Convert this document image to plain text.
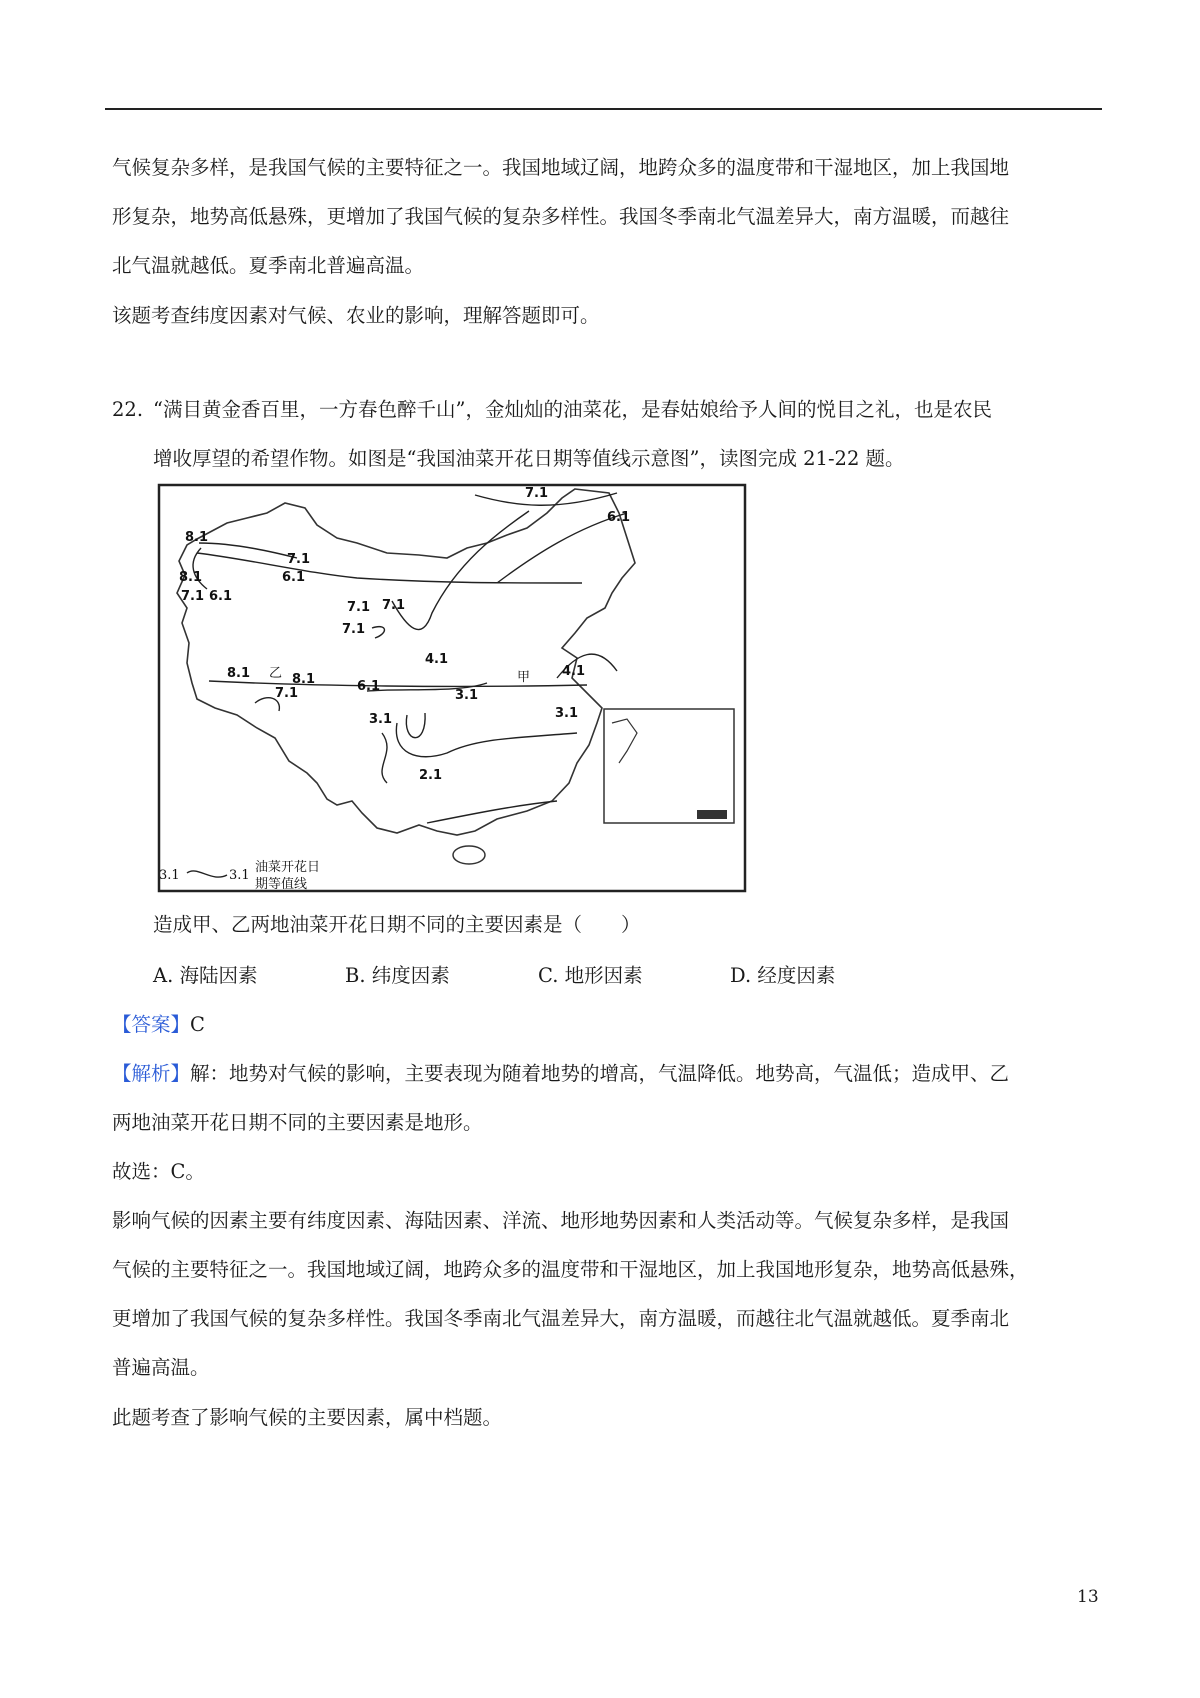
气候复杂多样，是我国气候的主要特征之一。我国地域辽阔，地跨众多的温度带和干湿地区，加上我国地
形复杂，地势高低悬殊，更增加了我国气候的复杂多样性。我国冬季南北气温差异大，南方温暖，而越往
北气温就越低。夏季南北普遍高温。
该题考查纬度因素对气候、农业的影响，理解答题即可。
22. “满目黄金香百里，一方春色醉千山”，金灿灿的油菜花，是春姑娘给予人间的悦目之礼，也是农民
增收厚望的希望作物。如图是“我国油菜开花日期等值线示意图”，读图完成 21-22 题。
7.1
6.1
8.1
7.1
6.1
8.1
7.1 6.1
7.1 7.1
7.1
4.1
4.1
甲
乙
8.1	8.1
7.1	6.1
3.1
3.1	3.1
2.1
3.1	3.1
油菜开花日
期等值线
造成甲、乙两地油菜开花日期不同的主要因素是（　　）
A. 海陆因素	B. 纬度因素	C. 地形因素	D. 经度因素
【答案】C
【解析】解：地势对气候的影响，主要表现为随着地势的增高，气温降低。地势高，气温低；造成甲、乙
两地油菜开花日期不同的主要因素是地形。
故选：C。
影响气候的因素主要有纬度因素、海陆因素、洋流、地形地势因素和人类活动等。气候复杂多样，是我国
气候的主要特征之一。我国地域辽阔，地跨众多的温度带和干湿地区，加上我国地形复杂，地势高低悬殊，
更增加了我国气候的复杂多样性。我国冬季南北气温差异大，南方温暖，而越往北气温就越低。夏季南北
普遍高温。
此题考查了影响气候的主要因素，属中档题。
13
